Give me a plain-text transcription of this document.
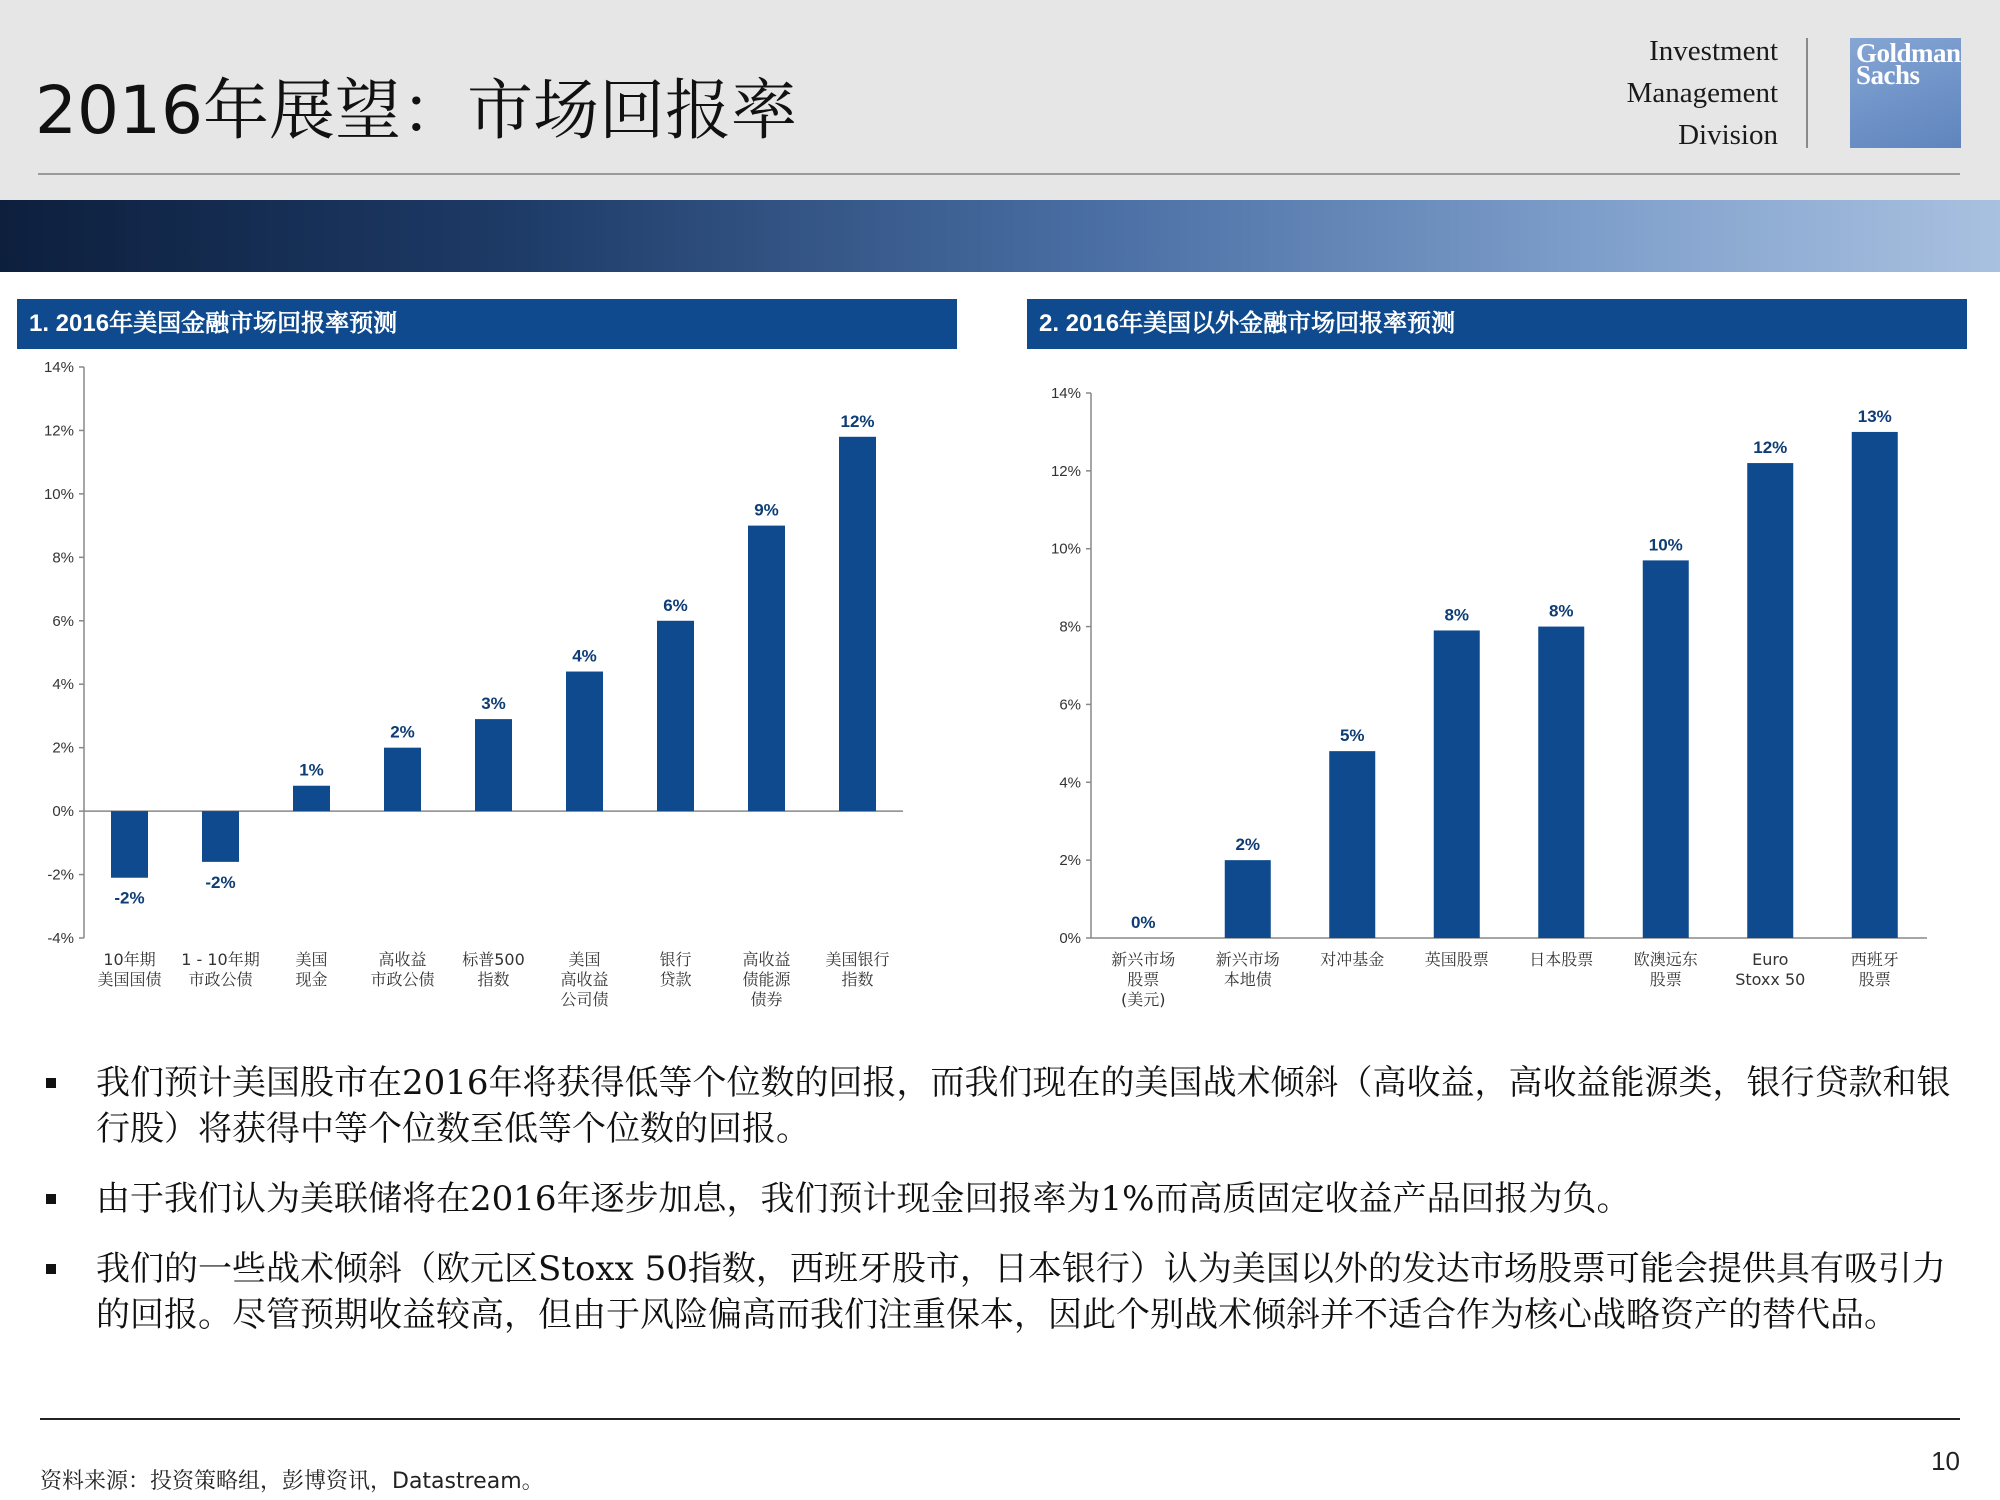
2016年展望：市场回报率
Investment
Management
Division
Goldman
Sachs
1. 2016年美国金融市场回报率预测	2. 2016年美国以外金融市场回报率预测
14%
12%
10%
8%
6%
4%
2%
0%
-2%
-4%
-2%
-2%
1%
2%
3%
4%
6%
9%
12%
10年期
美国国债
1 - 10年期
市政公债
美国
现金
高收益
市政公债
标普500
指数
美国
高收益
公司债
银行
贷款
高收益
债能源
债券
美国银行
指数
14%
12%
10%
8%
6%
4%
2%
0%
0%
2%
5%
8%	8%
10%
12%
13%
新兴市场
股票
(美元)
新兴市场
本地债
对冲基金	英国股票	日本股票	欧澳远东
股票
Euro
Stoxx 50
西班牙
股票
我们预计美国股市在2016年将获得低等个位数的回报，而我们现在的美国战术倾斜（高收益，高收益能源类，银行贷款和银行股）将获得中等个位数至低等个位数的回报。
由于我们认为美联储将在2016年逐步加息，我们预计现金回报率为1%而高质固定收益产品回报为负。
我们的一些战术倾斜（欧元区Stoxx 50指数，西班牙股市，日本银行）认为美国以外的发达市场股票可能会提供具有吸引力的回报。尽管预期收益较高，但由于风险偏高而我们注重保本，因此个别战术倾斜并不适合作为核心战略资产的替代品。
资料来源：投资策略组，彭博资讯，Datastream。
10
